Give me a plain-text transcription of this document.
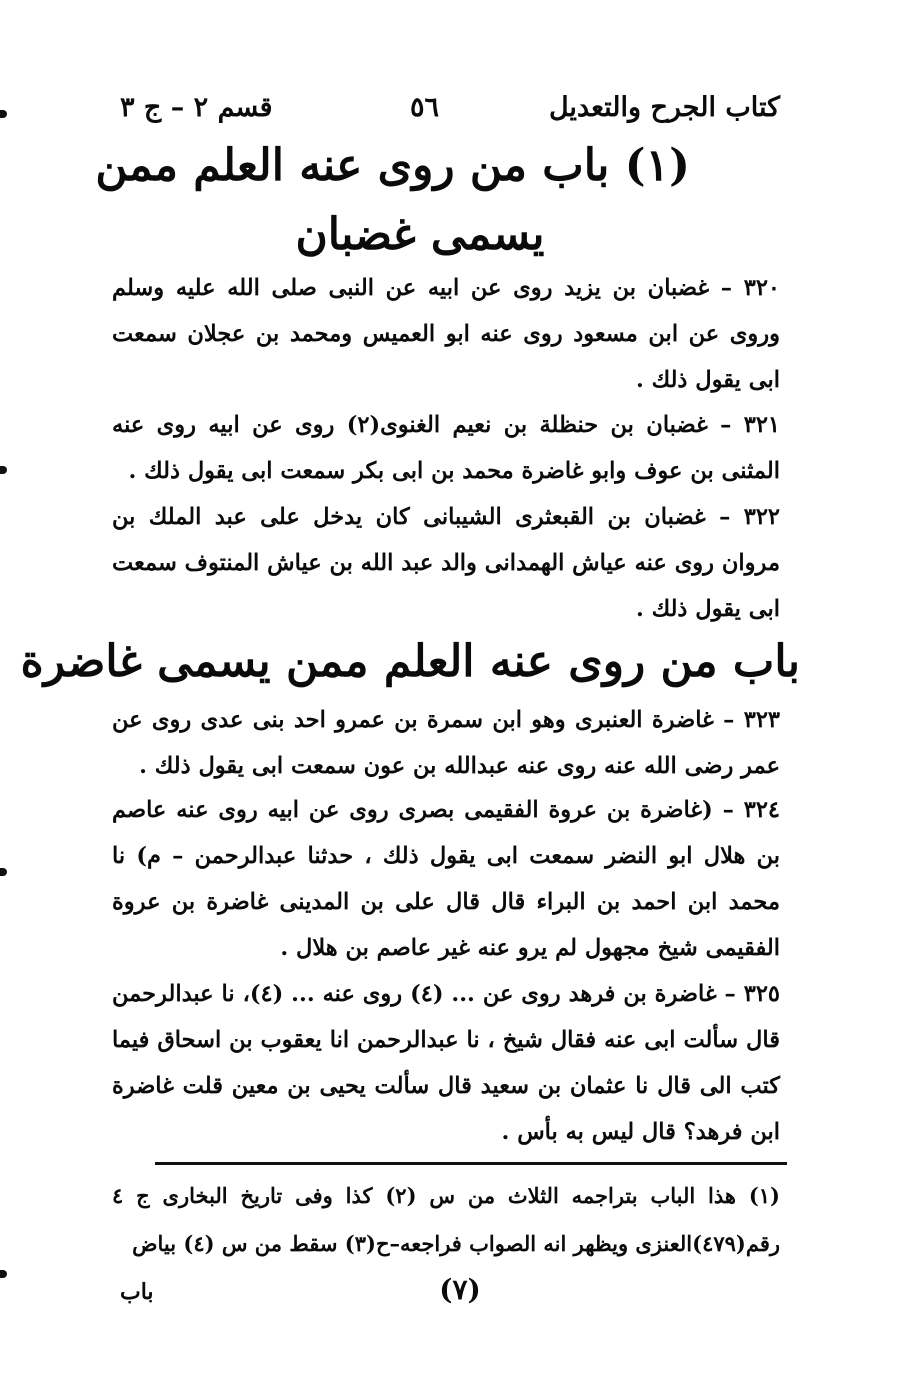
كتاب الجرح والتعديل
٥٦
قسم ٢ – ج ٣
(١) باب من روى عنه العلم ممن
يسمى غضبان
٣٢٠ – غضبان بن يزيد روى عن ابيه عن النبى صلى الله عليه وسلم وروى عن ابن مسعود روى عنه ابو العميس ومحمد بن عجلان سمعت ابى يقول ذلك .
٣٢١ – غضبان بن حنظلة بن نعيم الغنوى(٢) روى عن ابيه روى عنه المثنى بن عوف وابو غاضرة محمد بن ابى بكر سمعت ابى يقول ذلك .
٣٢٢ – غضبان بن القبعثرى الشيبانى كان يدخل على عبد الملك بن مروان روى عنه عياش الهمدانى والد عبد الله بن عياش المنتوف سمعت ابى يقول ذلك .
باب من روى عنه العلم ممن يسمى غاضرة
٣٢٣ – غاضرة العنبرى وهو ابن سمرة بن عمرو احد بنى عدى روى عن عمر رضى الله عنه روى عنه عبدالله بن عون سمعت ابى يقول ذلك .
٣٢٤ – (غاضرة بن عروة الفقيمى بصرى روى عن ابيه روى عنه عاصم بن هلال ابو النضر سمعت ابى يقول ذلك ، حدثنا عبدالرحمن – م) نا محمد ابن احمد بن البراء قال قال على بن المدينى غاضرة بن عروة الفقيمى شيخ مجهول لم يرو عنه غير عاصم بن هلال .
٣٢٥ – غاضرة بن فرهد روى عن ... (٤) روى عنه ... (٤)، نا عبدالرحمن قال سألت ابى عنه فقال شيخ ، نا عبدالرحمن انا يعقوب بن اسحاق فيما كتب الى قال نا عثمان بن سعيد قال سألت يحيى بن معين قلت غاضرة ابن فرهد؟ قال ليس به بأس .
(١) هذا الباب بتراجمه الثلاث من س (٢) كذا وفى تاريخ البخارى ج ٤ رقم(٤٧٩)العنزى ويظهر انه الصواب فراجعه–ح(٣) سقط من س (٤) بياض
(٧)
باب
